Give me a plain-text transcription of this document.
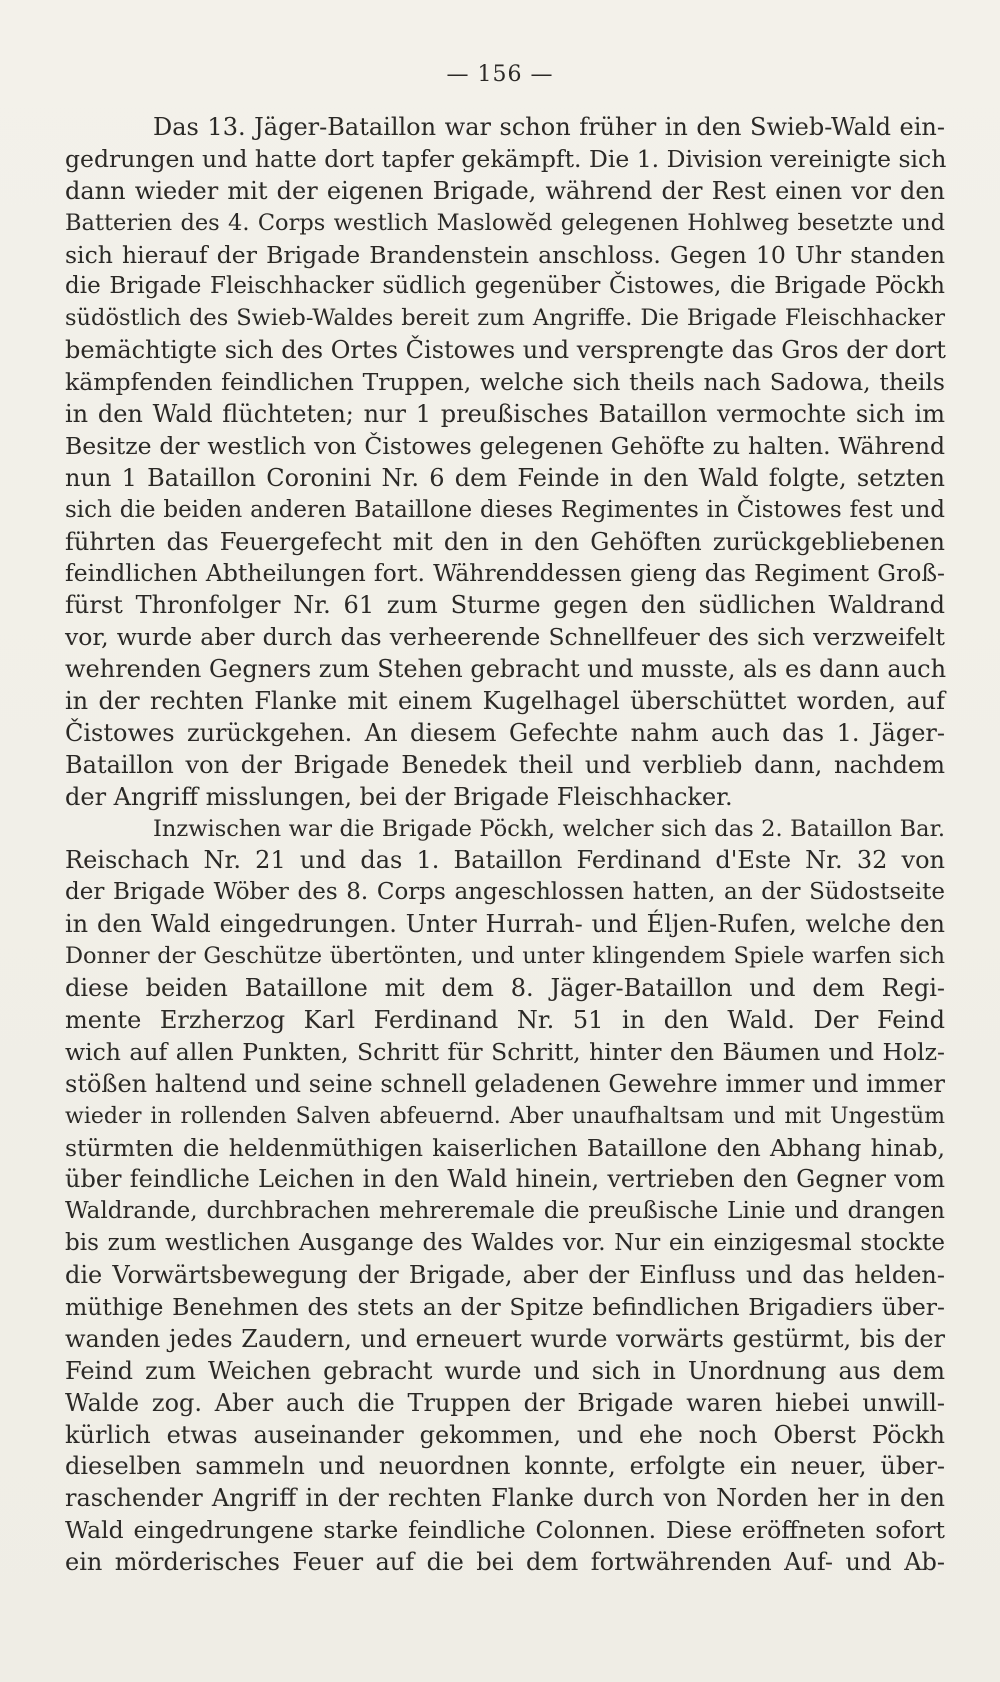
— 156 —
Das 13. Jäger-Bataillon war schon früher in den Swieb-Wald ein-
gedrungen und hatte dort tapfer gekämpft. Die 1. Division vereinigte sich
dann wieder mit der eigenen Brigade, während der Rest einen vor den
Batterien des 4. Corps westlich Maslowĕd gelegenen Hohlweg besetzte und
sich hierauf der Brigade Brandenstein anschloss. Gegen 10 Uhr standen
die Brigade Fleischhacker südlich gegenüber Čistowes, die Brigade Pöckh
südöstlich des Swieb-Waldes bereit zum Angriffe. Die Brigade Fleischhacker
bemächtigte sich des Ortes Čistowes und versprengte das Gros der dort
kämpfenden feindlichen Truppen, welche sich theils nach Sadowa, theils
in den Wald flüchteten; nur 1 preußisches Bataillon vermochte sich im
Besitze der westlich von Čistowes gelegenen Gehöfte zu halten. Während
nun 1 Bataillon Coronini Nr. 6 dem Feinde in den Wald folgte, setzten
sich die beiden anderen Bataillone dieses Regimentes in Čistowes fest und
führten das Feuergefecht mit den in den Gehöften zurückgebliebenen
feindlichen Abtheilungen fort. Währenddessen gieng das Regiment Groß-
fürst Thronfolger Nr. 61 zum Sturme gegen den südlichen Waldrand
vor, wurde aber durch das verheerende Schnellfeuer des sich verzweifelt
wehrenden Gegners zum Stehen gebracht und musste, als es dann auch
in der rechten Flanke mit einem Kugelhagel überschüttet worden, auf
Čistowes zurückgehen. An diesem Gefechte nahm auch das 1. Jäger-
Bataillon von der Brigade Benedek theil und verblieb dann, nachdem
der Angriff misslungen, bei der Brigade Fleischhacker.
Inzwischen war die Brigade Pöckh, welcher sich das 2. Bataillon Bar.
Reischach Nr. 21 und das 1. Bataillon Ferdinand d'Este Nr. 32 von
der Brigade Wöber des 8. Corps angeschlossen hatten, an der Südostseite
in den Wald eingedrungen. Unter Hurrah- und Éljen-Rufen, welche den
Donner der Geschütze übertönten, und unter klingendem Spiele warfen sich
diese beiden Bataillone mit dem 8. Jäger-Bataillon und dem Regi-
mente Erzherzog Karl Ferdinand Nr. 51 in den Wald. Der Feind
wich auf allen Punkten, Schritt für Schritt, hinter den Bäumen und Holz-
stößen haltend und seine schnell geladenen Gewehre immer und immer
wieder in rollenden Salven abfeuernd. Aber unaufhaltsam und mit Ungestüm
stürmten die heldenmüthigen kaiserlichen Bataillone den Abhang hinab,
über feindliche Leichen in den Wald hinein, vertrieben den Gegner vom
Waldrande, durchbrachen mehreremale die preußische Linie und drangen
bis zum westlichen Ausgange des Waldes vor. Nur ein einzigesmal stockte
die Vorwärtsbewegung der Brigade, aber der Einfluss und das helden-
müthige Benehmen des stets an der Spitze befindlichen Brigadiers über-
wanden jedes Zaudern, und erneuert wurde vorwärts gestürmt, bis der
Feind zum Weichen gebracht wurde und sich in Unordnung aus dem
Walde zog. Aber auch die Truppen der Brigade waren hiebei unwill-
kürlich etwas auseinander gekommen, und ehe noch Oberst Pöckh
dieselben sammeln und neuordnen konnte, erfolgte ein neuer, über-
raschender Angriff in der rechten Flanke durch von Norden her in den
Wald eingedrungene starke feindliche Colonnen. Diese eröffneten sofort
ein mörderisches Feuer auf die bei dem fortwährenden Auf- und Ab-
